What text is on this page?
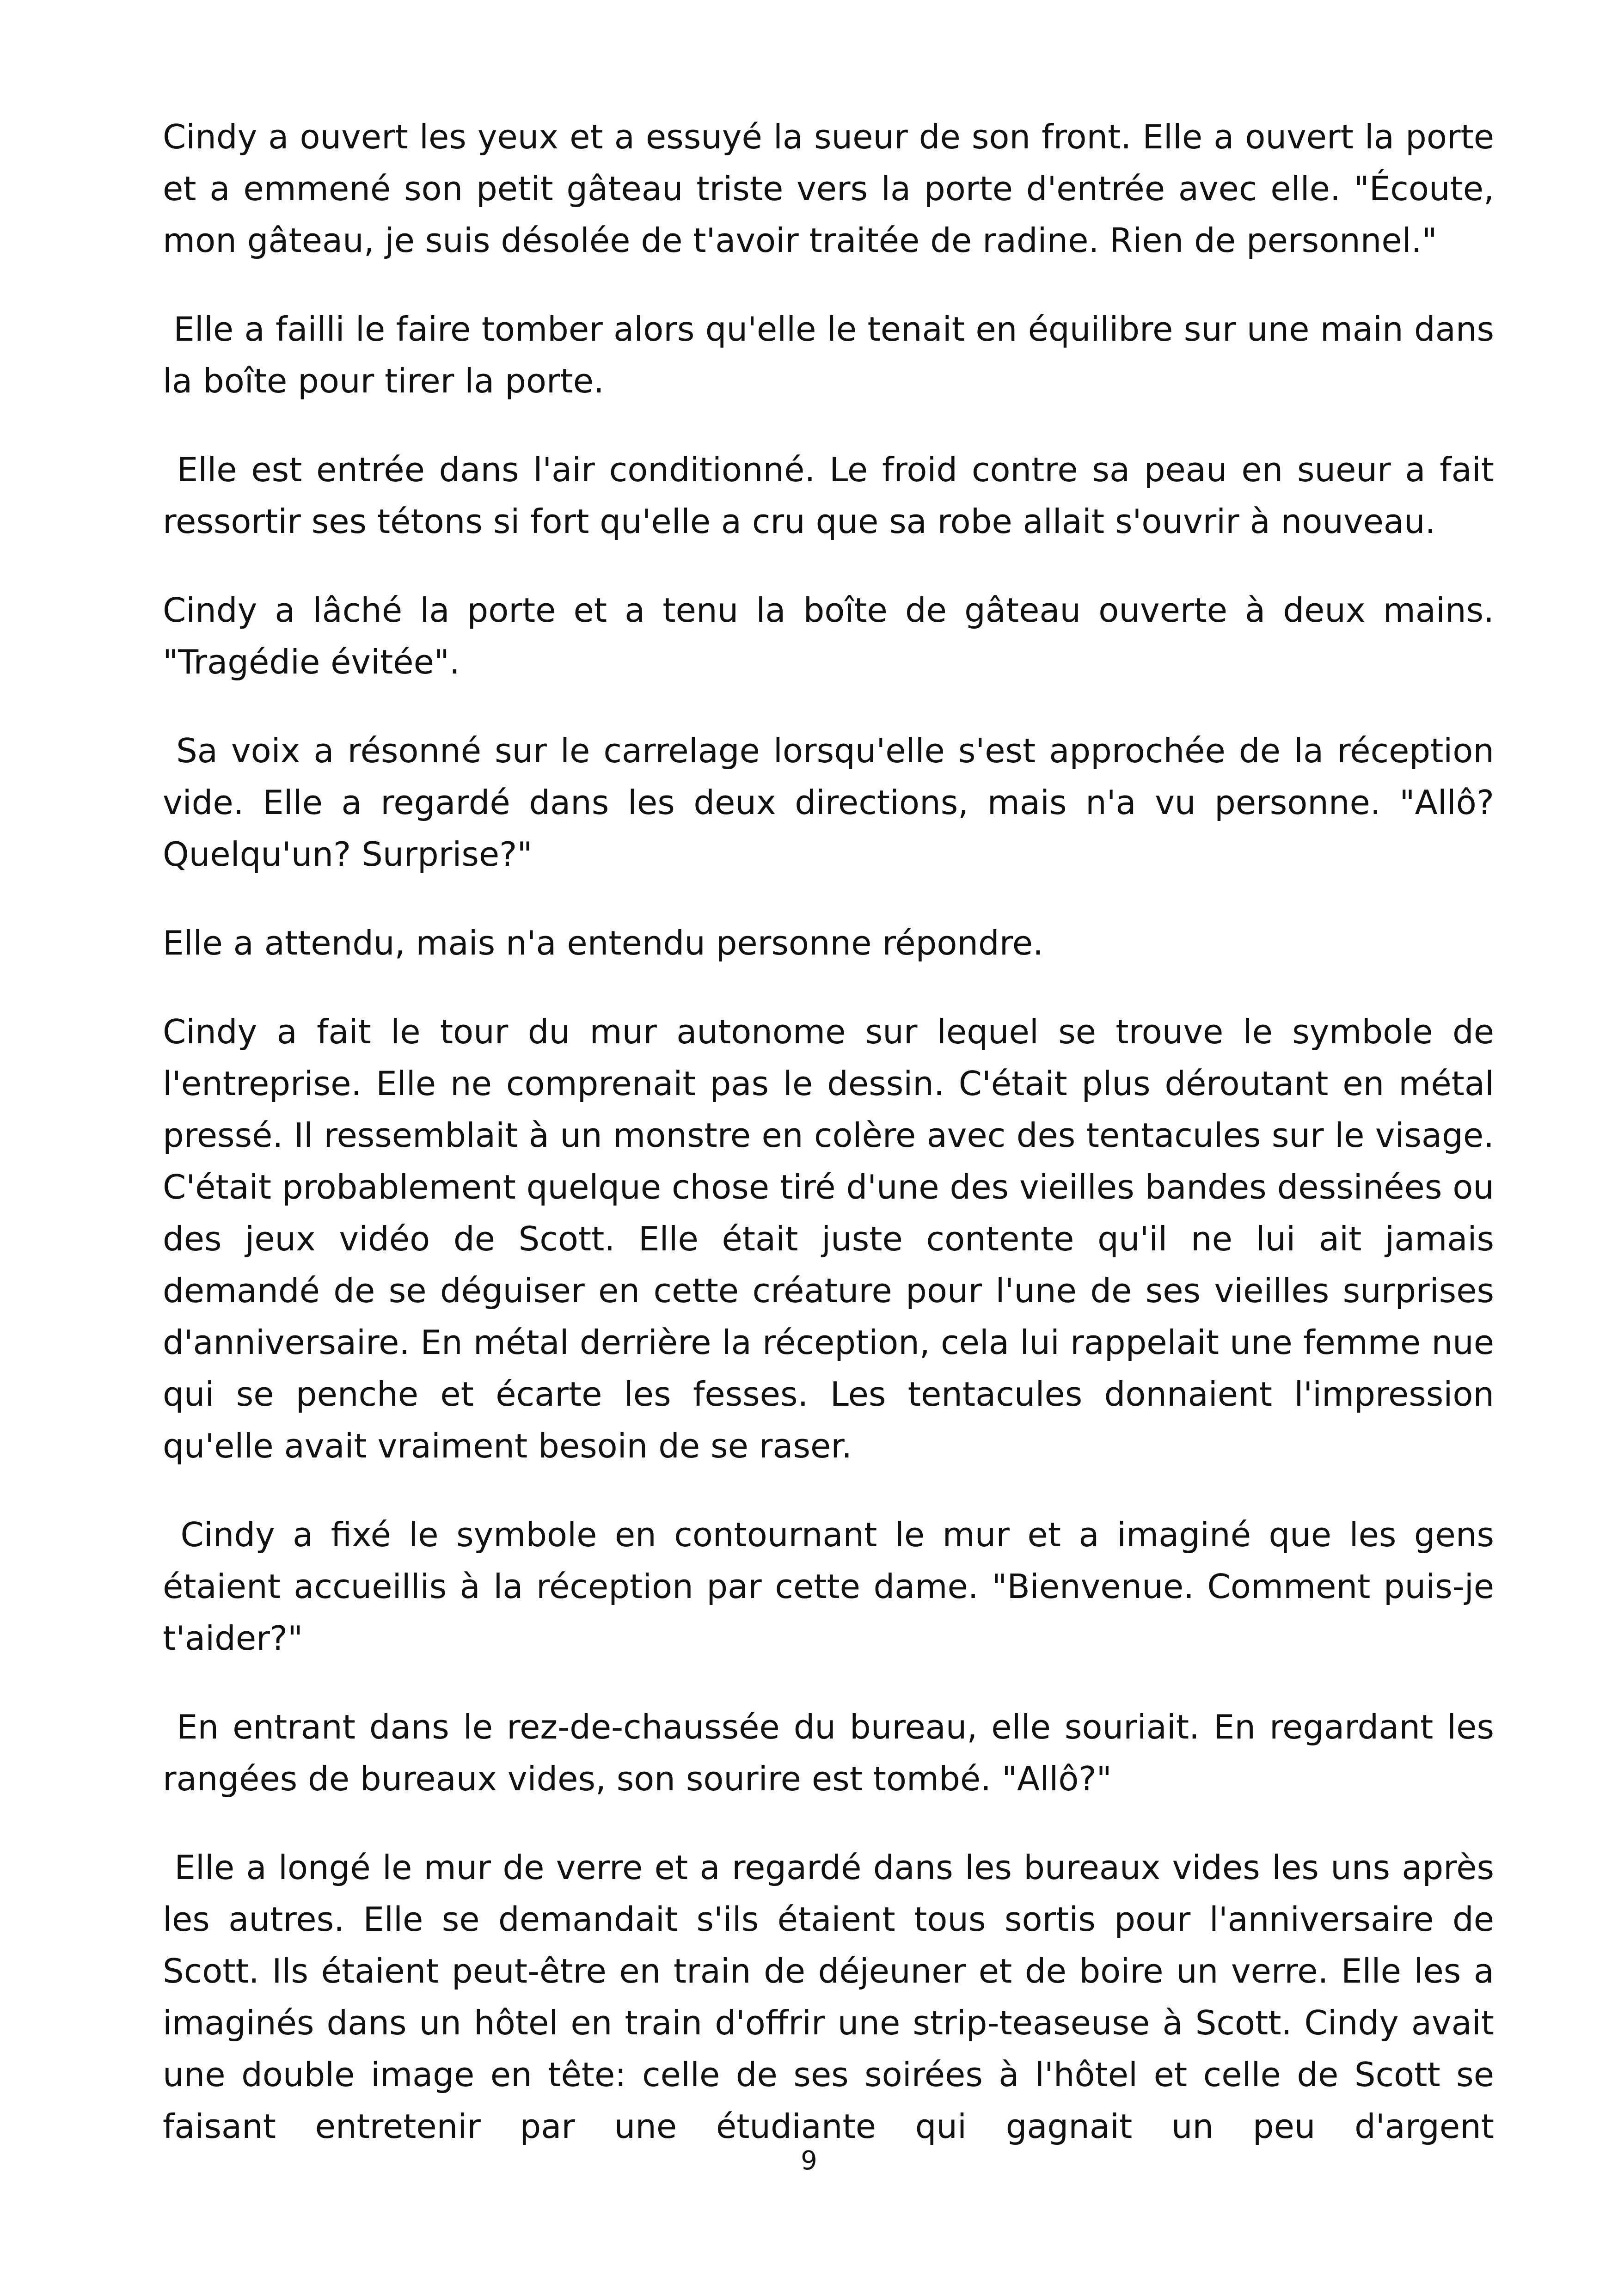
Cindy a ouvert les yeux et a essuyé la sueur de son front. Elle a ouvert la porte et a emmené son petit gâteau triste vers la porte d'entrée avec elle. "Écoute, mon gâteau, je suis désolée de t'avoir traitée de radine. Rien de personnel."

Elle a failli le faire tomber alors qu'elle le tenait en équilibre sur une main dans la boîte pour tirer la porte.

Elle est entrée dans l'air conditionné. Le froid contre sa peau en sueur a fait ressortir ses tétons si fort qu'elle a cru que sa robe allait s'ouvrir à nouveau.

Cindy a lâché la porte et a tenu la boîte de gâteau ouverte à deux mains. "Tragédie évitée".

Sa voix a résonné sur le carrelage lorsqu'elle s'est approchée de la réception vide. Elle a regardé dans les deux directions, mais n'a vu personne. "Allô? Quelqu'un? Surprise?"

Elle a attendu, mais n'a entendu personne répondre.

Cindy a fait le tour du mur autonome sur lequel se trouve le symbole de l'entreprise. Elle ne comprenait pas le dessin. C'était plus déroutant en métal pressé. Il ressemblait à un monstre en colère avec des tentacules sur le visage. C'était probablement quelque chose tiré d'une des vieilles bandes dessinées ou des jeux vidéo de Scott. Elle était juste contente qu'il ne lui ait jamais demandé de se déguiser en cette créature pour l'une de ses vieilles surprises d'anniversaire. En métal derrière la réception, cela lui rappelait une femme nue qui se penche et écarte les fesses. Les tentacules donnaient l'impression qu'elle avait vraiment besoin de se raser.

Cindy a fixé le symbole en contournant le mur et a imaginé que les gens étaient accueillis à la réception par cette dame. "Bienvenue. Comment puis-je t'aider?"

En entrant dans le rez-de-chaussée du bureau, elle souriait. En regardant les rangées de bureaux vides, son sourire est tombé. "Allô?"

Elle a longé le mur de verre et a regardé dans les bureaux vides les uns après les autres. Elle se demandait s'ils étaient tous sortis pour l'anniversaire de Scott. Ils étaient peut-être en train de déjeuner et de boire un verre. Elle les a imaginés dans un hôtel en train d'offrir une strip-teaseuse à Scott. Cindy avait une double image en tête: celle de ses soirées à l'hôtel et celle de Scott se faisant entretenir par une étudiante qui gagnait un peu d'argent

9
